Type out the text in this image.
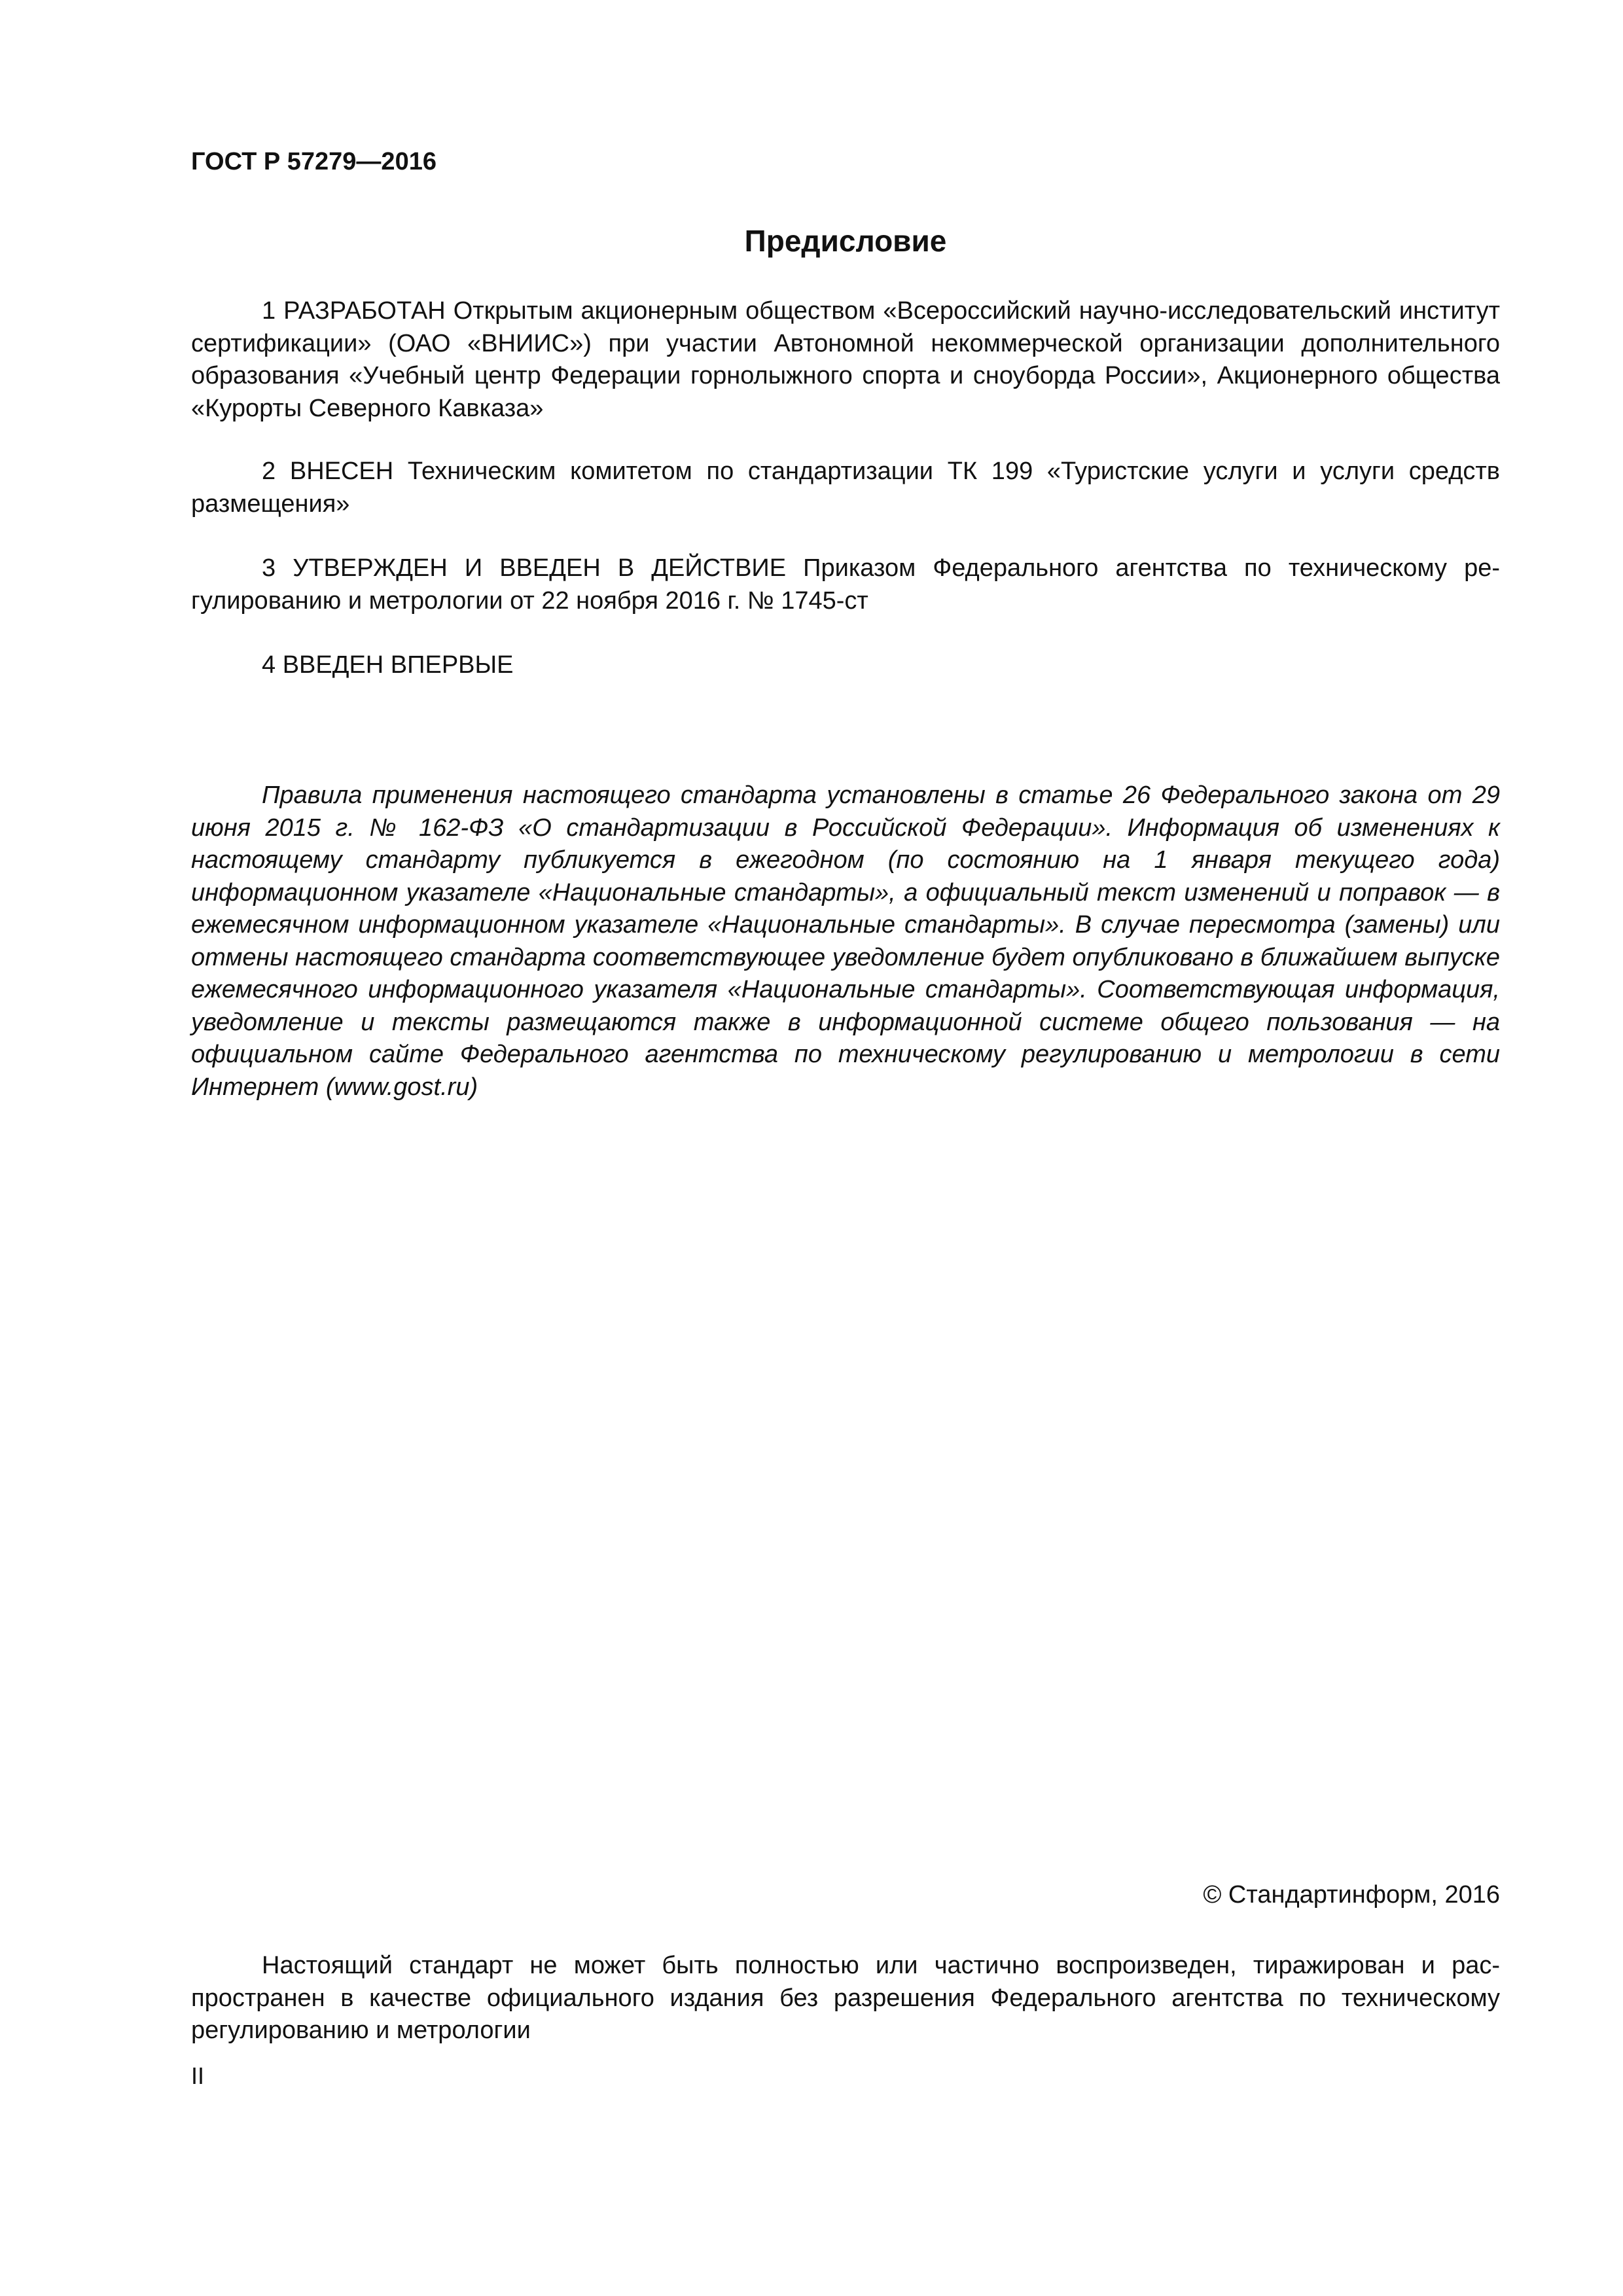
ГОСТ Р 57279—2016
Предисловие

1 РАЗРАБОТАН Открытым акционерным обществом «Всероссийский научно-исследовательский институт сертификации» (ОАО «ВНИИС») при участии Автономной некоммерческой организации дополнительного образования «Учебный центр Федерации горнолыжного спорта и сноуборда России», Акционерного общества «Курорты Северного Кавказа»

2 ВНЕСЕН Техническим комитетом по стандартизации ТК 199 «Туристские услуги и услуги средств размещения»

3 УТВЕРЖДЕН И ВВЕДЕН В ДЕЙСТВИЕ Приказом Федерального агентства по техническому регулированию и метрологии от 22 ноября 2016 г. № 1745-ст

4 ВВЕДЕН ВПЕРВЫЕ

Правила применения настоящего стандарта установлены в статье 26 Федерального закона от 29 июня 2015 г. № 162-ФЗ «О стандартизации в Российской Федерации». Информация об изменениях к настоящему стандарту публикуется в ежегодном (по состоянию на 1 января текущего года) информационном указателе «Национальные стандарты», а официальный текст изменений и поправок — в ежемесячном информационном указателе «Национальные стандарты». В случае пересмотра (замены) или отмены настоящего стандарта соответствующее уведомление будет опубликовано в ближайшем выпуске ежемесячного информационного указателя «Национальные стандарты». Соответствующая информация, уведомление и тексты размещаются также в информационной системе общего пользования — на официальном сайте Федерального агентства по техническому регулированию и метрологии в сети Интернет (www.gost.ru)

© Стандартинформ, 2016

Настоящий стандарт не может быть полностью или частично воспроизведен, тиражирован и распространен в качестве официального издания без разрешения Федерального агентства по техническому регулированию и метрологии

II
